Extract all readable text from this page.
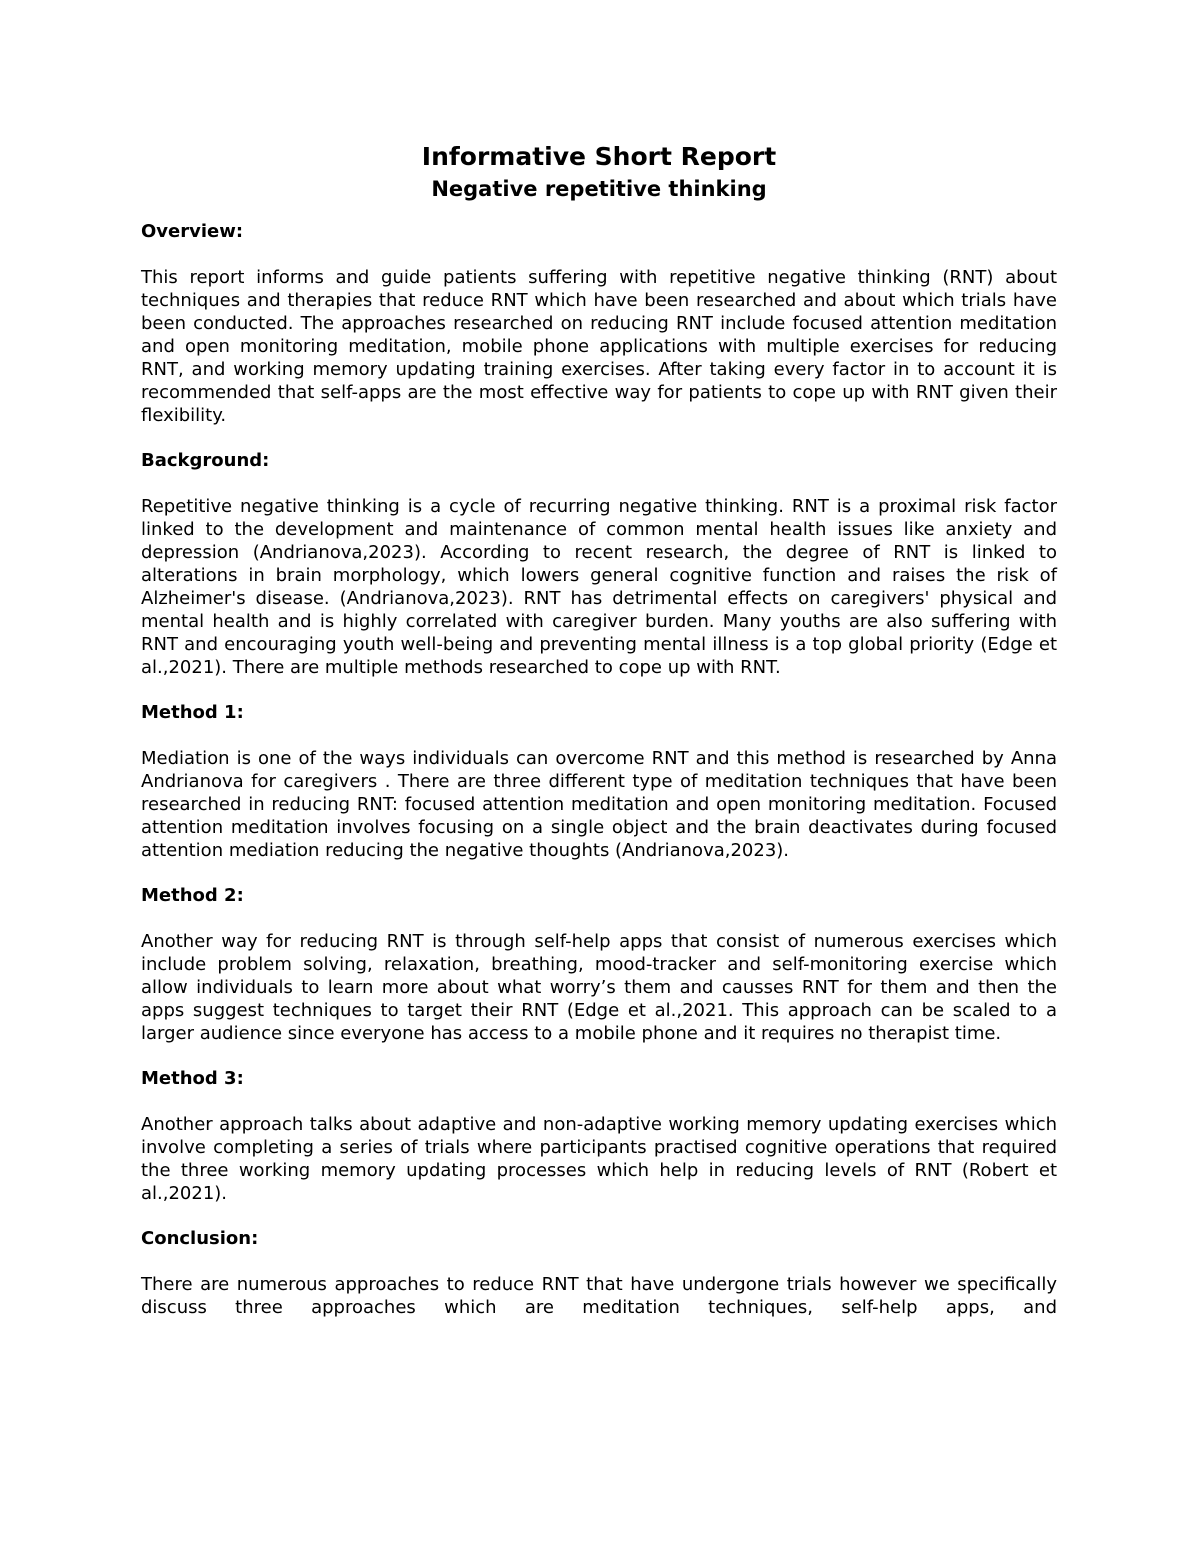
Informative Short Report
Negative repetitive thinking

Overview:

This report informs and guide patients suffering with repetitive negative thinking (RNT) about techniques and therapies that reduce RNT which have been researched and about which trials have been conducted. The approaches researched on reducing RNT include focused attention meditation and open monitoring meditation, mobile phone applications with multiple exercises for reducing RNT, and working memory updating training exercises. After taking every factor in to account it is recommended that self-apps are the most effective way for patients to cope up with RNT given their flexibility.

Background:

Repetitive negative thinking is a cycle of recurring negative thinking. RNT is a proximal risk factor linked to the development and maintenance of common mental health issues like anxiety and depression (Andrianova,2023). According to recent research, the degree of RNT is linked to alterations in brain morphology, which lowers general cognitive function and raises the risk of Alzheimer's disease. (Andrianova,2023). RNT has detrimental effects on caregivers' physical and mental health and is highly correlated with caregiver burden. Many youths are also suffering with RNT and encouraging youth well-being and preventing mental illness is a top global priority (Edge et al.,2021). There are multiple methods researched to cope up with RNT.

Method 1:

Mediation is one of the ways individuals can overcome RNT and this method is researched by Anna Andrianova for caregivers . There are three different type of meditation techniques that have been researched in reducing RNT: focused attention meditation and open monitoring meditation. Focused attention meditation involves focusing on a single object and the brain deactivates during focused attention mediation reducing the negative thoughts (Andrianova,2023).

Method 2:

Another way for reducing RNT is through self-help apps that consist of numerous exercises which include problem solving, relaxation, breathing, mood-tracker and self-monitoring exercise which allow individuals to learn more about what worry’s them and causses RNT for them and then the apps suggest techniques to target their RNT (Edge et al.,2021. This approach can be scaled to a larger audience since everyone has access to a mobile phone and it requires no therapist time.

Method 3:

Another approach talks about adaptive and non-adaptive working memory updating exercises which involve completing a series of trials where participants practised cognitive operations that required the three working memory updating processes which help in reducing levels of RNT (Robert et al.,2021).

Conclusion:

There are numerous approaches to reduce RNT that have undergone trials however we specifically discuss three approaches which are meditation techniques, self-help apps, and
